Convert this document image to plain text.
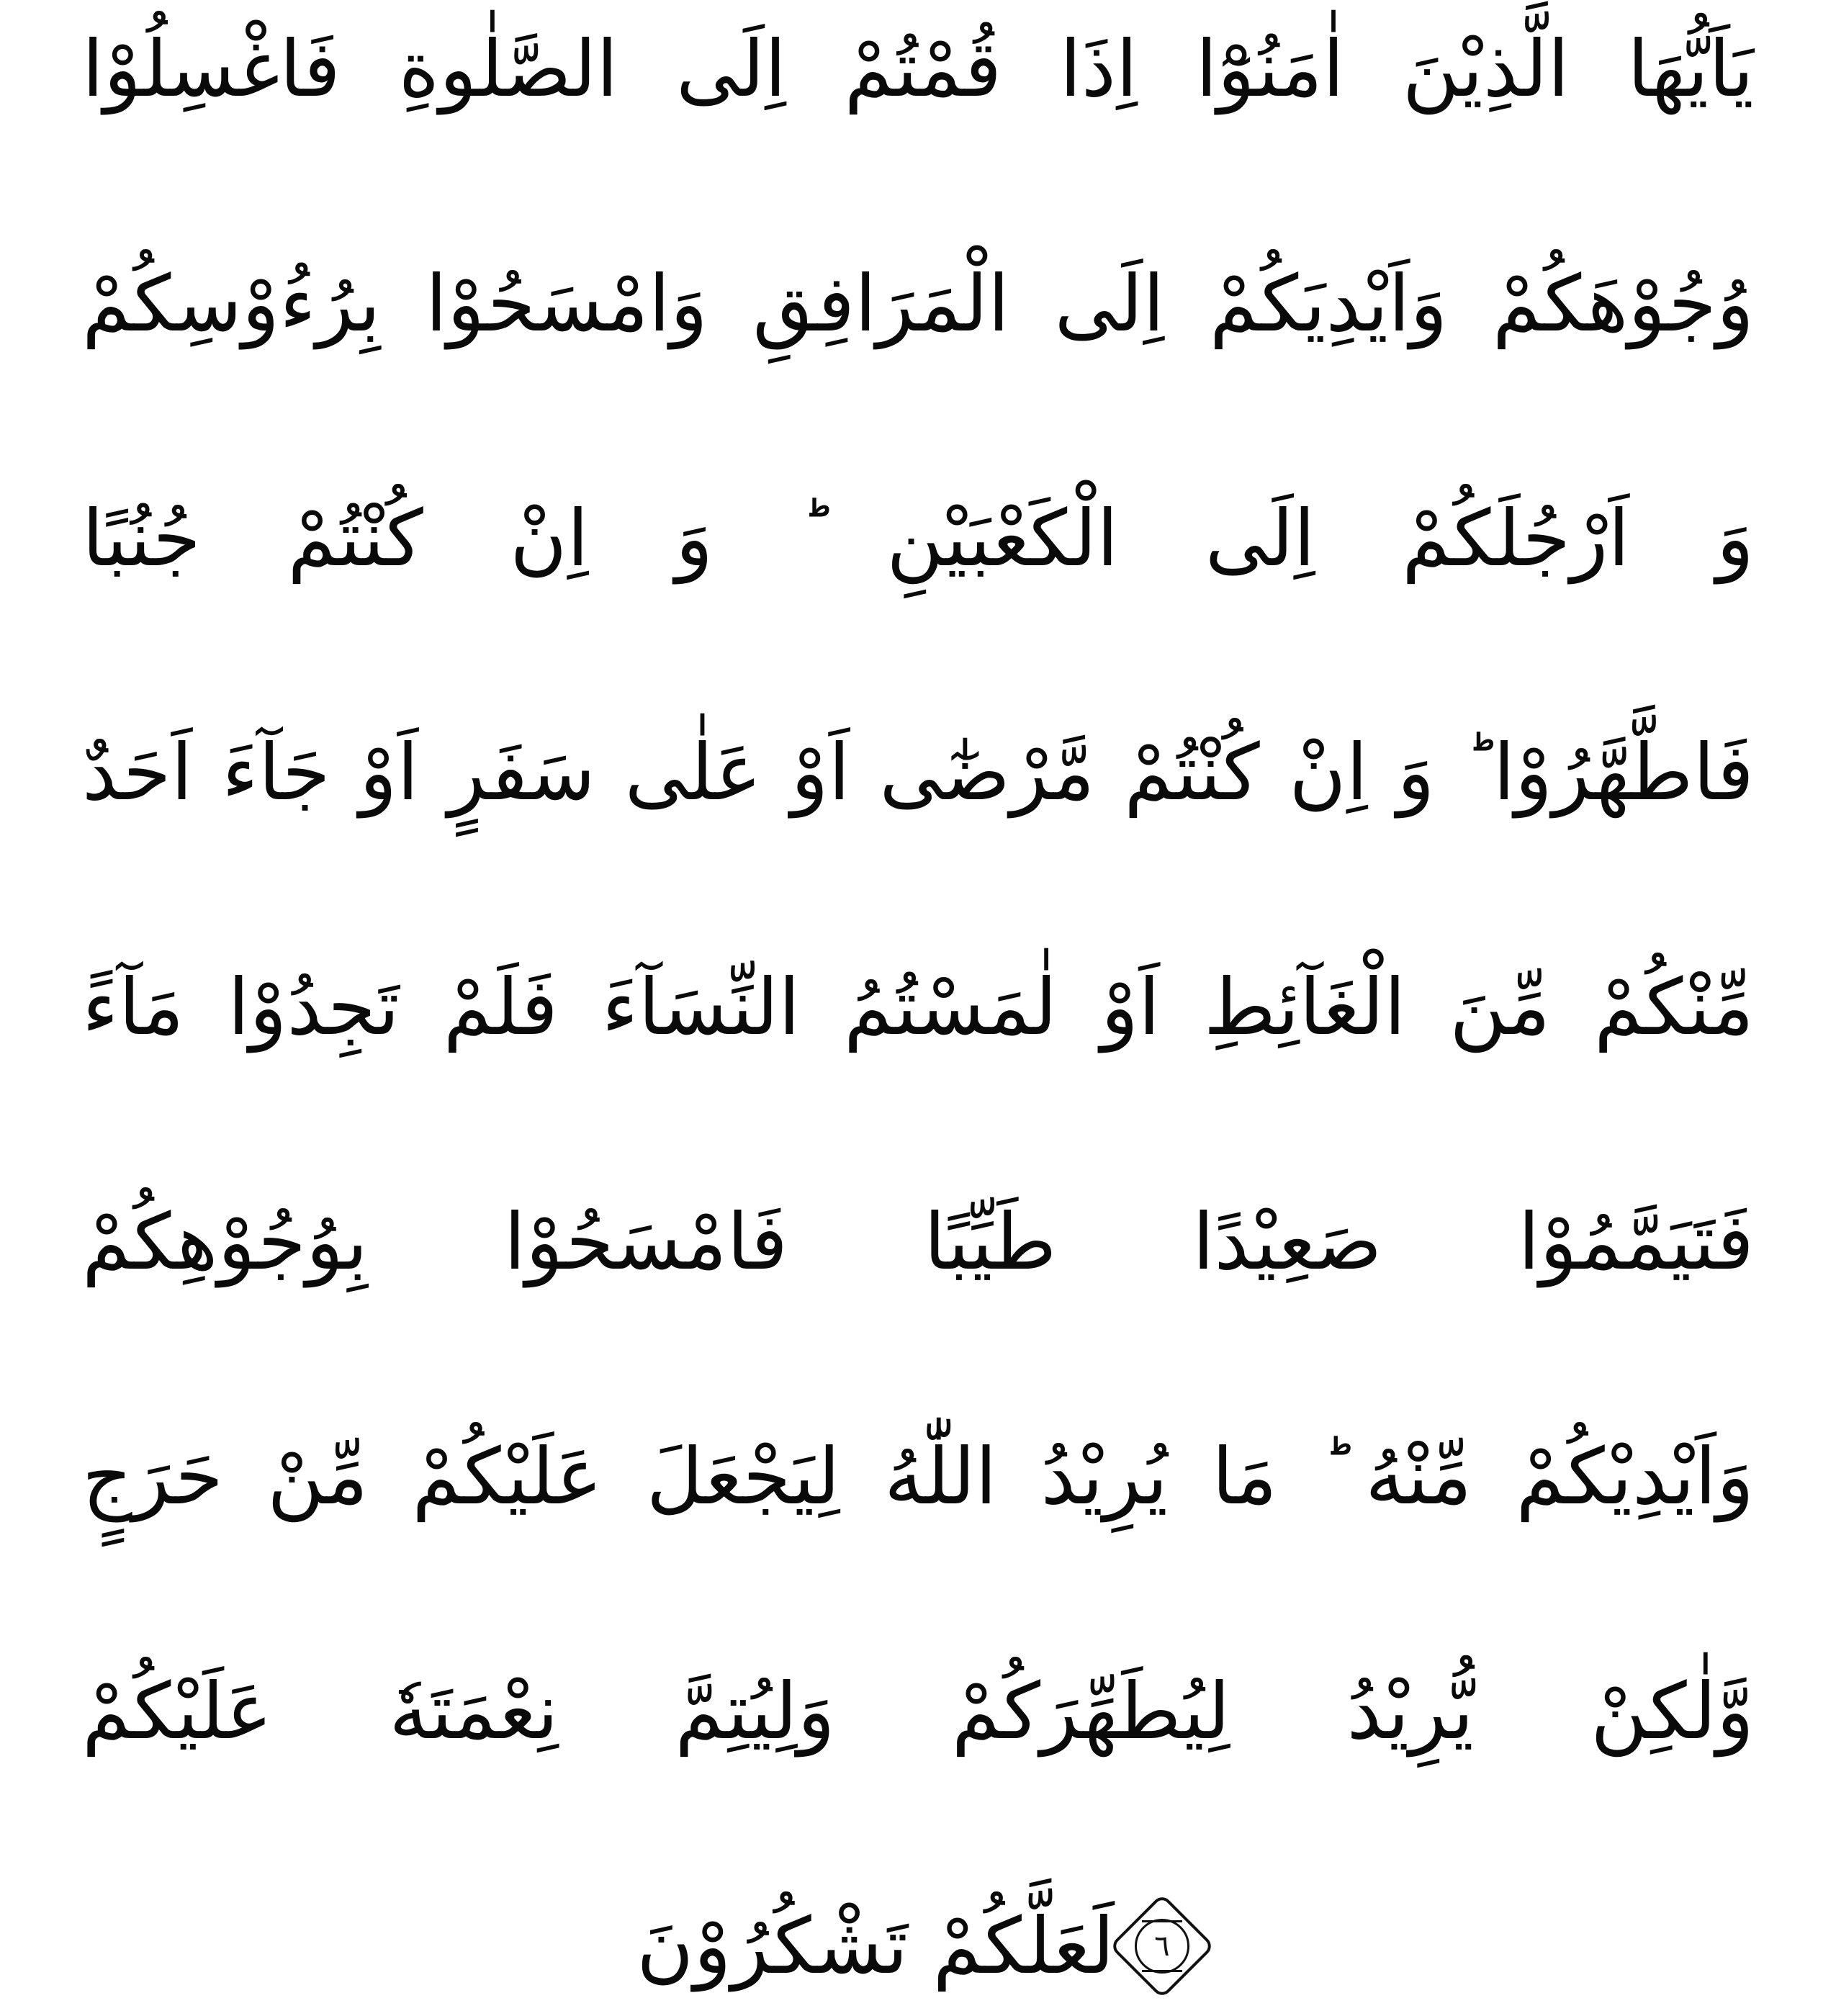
يَاَيُّهَا الَّذِيْنَ اٰمَنُوْٓا اِذَا قُمْتُمْ اِلَى الصَّلٰوةِ فَاغْسِلُوْا
وُجُوْهَكُمْ وَاَيْدِيَكُمْ اِلَى الْمَرَافِقِ وَامْسَحُوْا بِرُءُوْسِكُمْ
وَ اَرْجُلَكُمْ اِلَى الْكَعْبَيْنِ ؕ وَ اِنْ كُنْتُمْ جُنُبًا
فَاطَّهَّرُوْا ؕ وَ اِنْ كُنْتُمْ مَّرْضٰٓى اَوْ عَلٰى سَفَرٍ اَوْ جَآءَ اَحَدٌ
مِّنْكُمْ مِّنَ الْغَآئِطِ اَوْ لٰمَسْتُمُ النِّسَآءَ فَلَمْ تَجِدُوْا مَآءً
فَتَيَمَّمُوْا صَعِيْدًا طَيِّبًا فَامْسَحُوْا بِوُجُوْهِكُمْ
وَاَيْدِيْكُمْ مِّنْهُ ؕ مَا يُرِيْدُ اللّٰهُ لِيَجْعَلَ عَلَيْكُمْ مِّنْ حَرَجٍ
وَّلٰكِنْ يُّرِيْدُ لِيُطَهِّرَكُمْ وَلِيُتِمَّ نِعْمَتَهٗ عَلَيْكُمْ
٦
لَعَلَّكُمْ تَشْكُرُوْنَ
